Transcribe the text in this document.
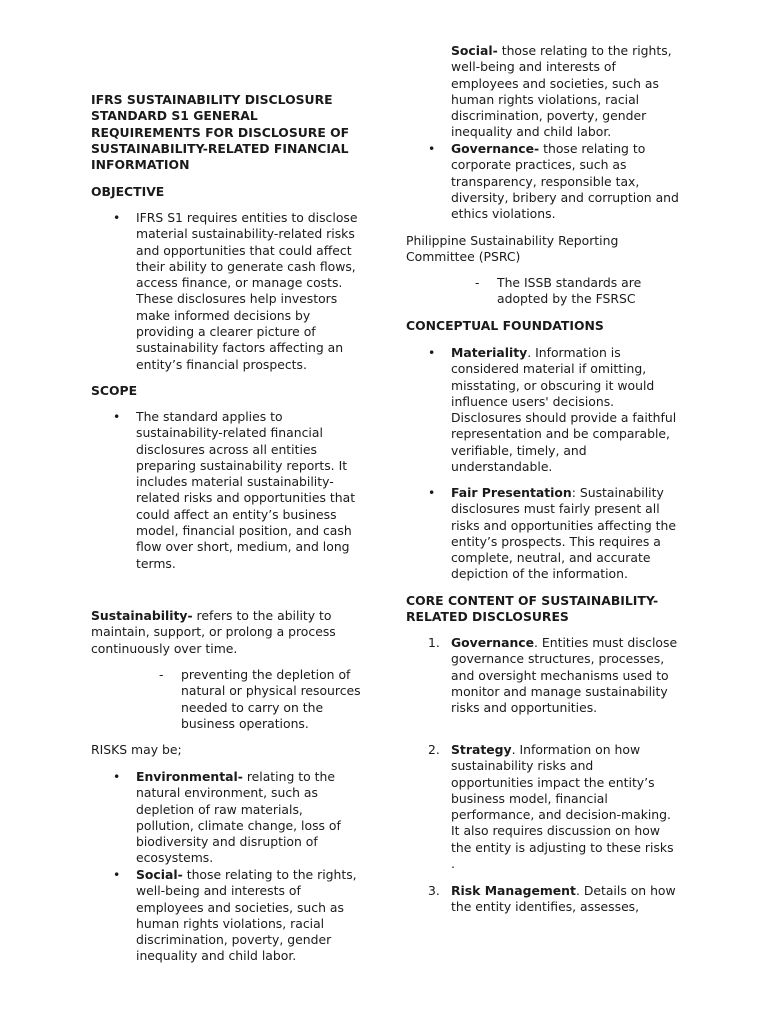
IFRS SUSTAINABILITY DISCLOSURE STANDARD S1 GENERAL REQUIREMENTS FOR DISCLOSURE OF SUSTAINABILITY-RELATED FINANCIAL INFORMATION
OBJECTIVE
• IFRS S1 requires entities to disclose material sustainability-related risks and opportunities that could affect their ability to generate cash flows, access finance, or manage costs. These disclosures help investors make informed decisions by providing a clearer picture of sustainability factors affecting an entity’s financial prospects.
SCOPE
• The standard applies to sustainability-related financial disclosures across all entities preparing sustainability reports. It includes material sustainability-related risks and opportunities that could affect an entity’s business model, financial position, and cash flow over short, medium, and long terms.
Sustainability- refers to the ability to maintain, support, or prolong a process continuously over time.
- preventing the depletion of natural or physical resources needed to carry on the business operations.
RISKS may be;
• Environmental- relating to the natural environment, such as depletion of raw materials, pollution, climate change, loss of biodiversity and disruption of ecosystems.
• Social- those relating to the rights, well-being and interests of employees and societies, such as human rights violations, racial discrimination, poverty, gender inequality and child labor.

Social- those relating to the rights, well-being and interests of employees and societies, such as human rights violations, racial discrimination, poverty, gender inequality and child labor.
• Governance- those relating to corporate practices, such as transparency, responsible tax, diversity, bribery and corruption and ethics violations.
Philippine Sustainability Reporting Committee (PSRC)
- The ISSB standards are adopted by the FSRSC
CONCEPTUAL FOUNDATIONS
• Materiality. Information is considered material if omitting, misstating, or obscuring it would influence users' decisions. Disclosures should provide a faithful representation and be comparable, verifiable, timely, and understandable.
• Fair Presentation: Sustainability disclosures must fairly present all risks and opportunities affecting the entity’s prospects. This requires a complete, neutral, and accurate depiction of the information.
CORE CONTENT OF SUSTAINABILITY-RELATED DISCLOSURES
1. Governance. Entities must disclose governance structures, processes, and oversight mechanisms used to monitor and manage sustainability risks and opportunities.
2. Strategy. Information on how sustainability risks and opportunities impact the entity’s business model, financial performance, and decision-making. It also requires discussion on how the entity is adjusting to these risks .
3. Risk Management. Details on how the entity identifies, assesses,
